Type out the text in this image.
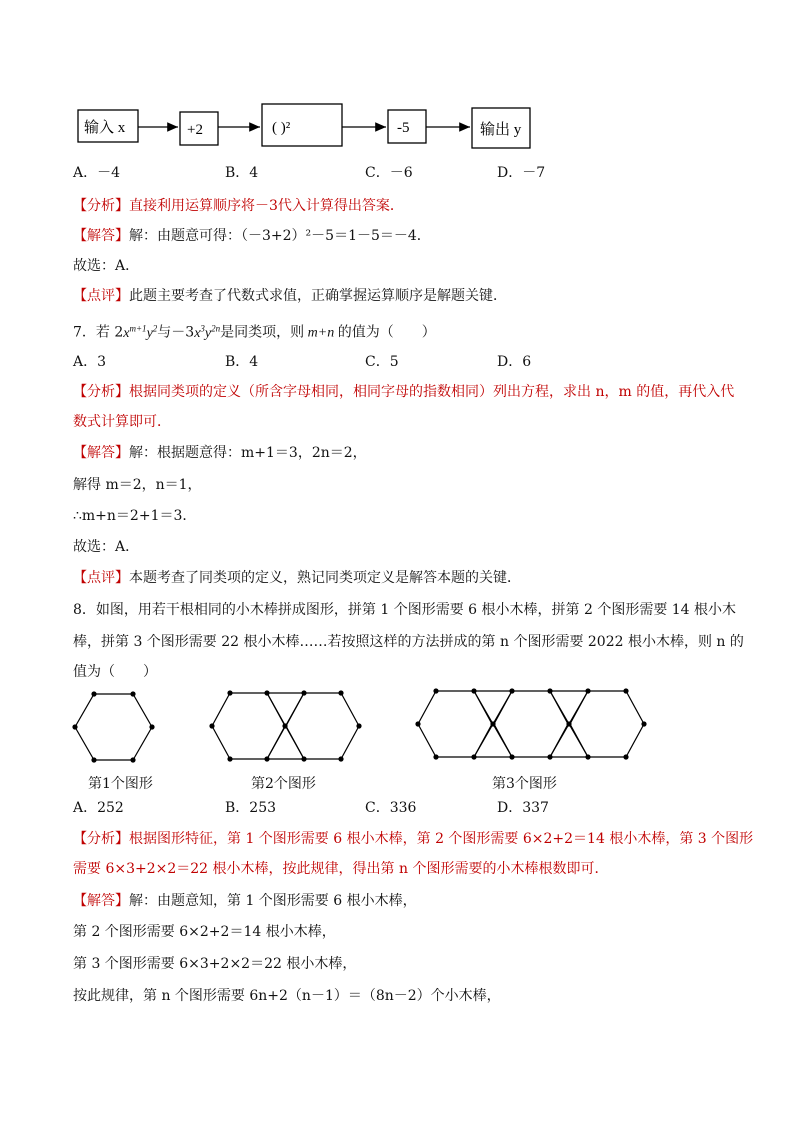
输入 x	+2	( )²	-5	输出 y
A．－4	B．4	C．－6	D．－7
【分析】直接利用运算顺序将－3代入计算得出答案．
【解答】解：由题意可得：（－3+2）²－5＝1－5＝－4．
故选：A．
【点评】此题主要考查了代数式求值，正确掌握运算顺序是解题关键．
7．若 $2x^{m+1}y^2$与$-3x^3y^{2n}$是同类项，则 m+n 的值为（　　）
A．3	B．4	C．5	D．6
【分析】根据同类项的定义（所含字母相同，相同字母的指数相同）列出方程，求出 n，m 的值，再代入代
数式计算即可．
【解答】解：根据题意得：m+1＝3，2n＝2，
解得 m＝2，n＝1，
∴m+n＝2+1＝3．
故选：A．
【点评】本题考查了同类项的定义，熟记同类项定义是解答本题的关键．
8．如图，用若干根相同的小木棒拼成图形，拼第 1 个图形需要 6 根小木棒，拼第 2 个图形需要 14 根小木
棒，拼第 3 个图形需要 22 根小木棒……若按照这样的方法拼成的第 n 个图形需要 2022 根小木棒，则 n 的
值为（　　）
第1个图形	第2个图形	第3个图形
A．252	B．253	C．336	D．337
【分析】根据图形特征，第 1 个图形需要 6 根小木棒，第 2 个图形需要 6×2+2＝14 根小木棒，第 3 个图形
需要 6×3+2×2＝22 根小木棒，按此规律，得出第 n 个图形需要的小木棒根数即可．
【解答】解：由题意知，第 1 个图形需要 6 根小木棒，
第 2 个图形需要 6×2+2＝14 根小木棒，
第 3 个图形需要 6×3+2×2＝22 根小木棒，
按此规律，第 n 个图形需要 6n+2（n－1）＝（8n－2）个小木棒，
